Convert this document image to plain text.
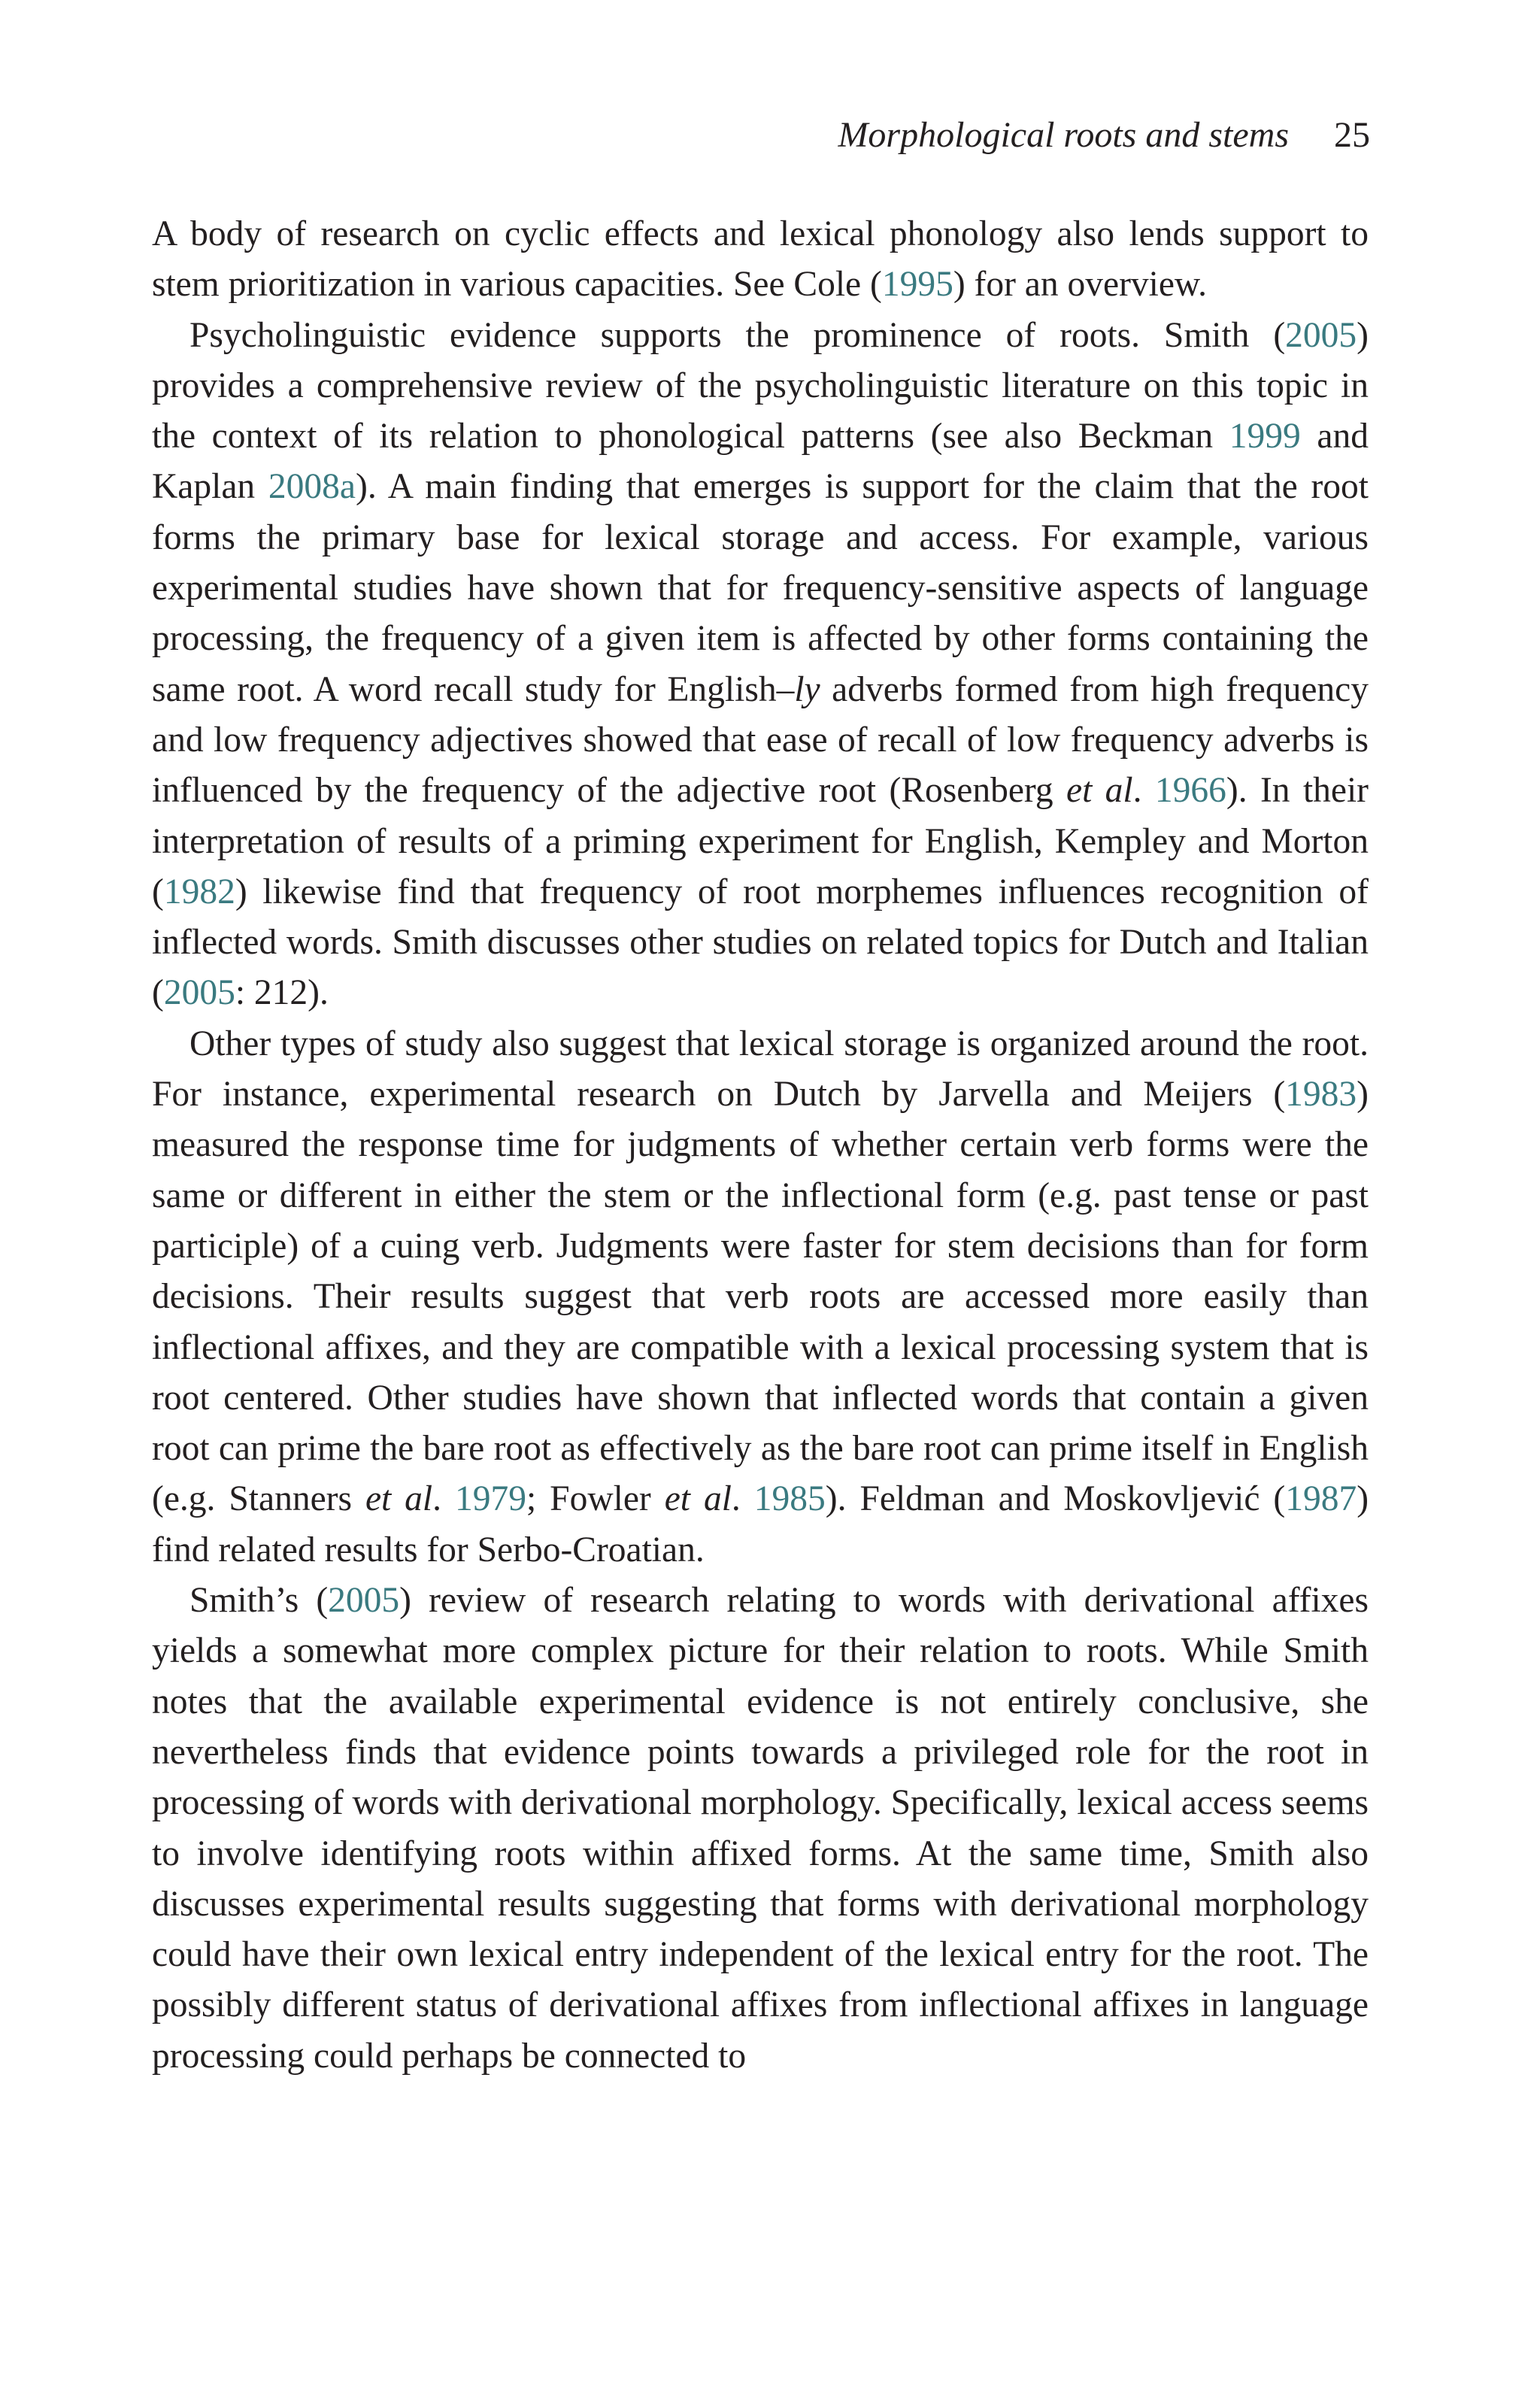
Morphological roots and stems 25

A body of research on cyclic effects and lexical phonology also lends support to stem prioritization in various capacities. See Cole (1995) for an overview.

Psycholinguistic evidence supports the prominence of roots. Smith (2005) provides a comprehensive review of the psycholinguistic literature on this topic in the context of its relation to phonological patterns (see also Beckman 1999 and Kaplan 2008a). A main finding that emerges is support for the claim that the root forms the primary base for lexical storage and access. For example, various experimental studies have shown that for frequency-sensitive aspects of language processing, the frequency of a given item is affected by other forms containing the same root. A word recall study for English–ly adverbs formed from high frequency and low frequency adjectives showed that ease of recall of low frequency adverbs is influenced by the frequency of the adjective root (Rosenberg et al. 1966). In their interpretation of results of a priming experiment for English, Kempley and Morton (1982) likewise find that frequency of root morphemes influences recognition of inflected words. Smith discusses other studies on related topics for Dutch and Italian (2005: 212).

Other types of study also suggest that lexical storage is organized around the root. For instance, experimental research on Dutch by Jarvella and Meijers (1983) measured the response time for judgments of whether certain verb forms were the same or different in either the stem or the inflectional form (e.g. past tense or past participle) of a cuing verb. Judgments were faster for stem decisions than for form decisions. Their results suggest that verb roots are accessed more easily than inflectional affixes, and they are compatible with a lexical processing system that is root centered. Other studies have shown that inflected words that contain a given root can prime the bare root as effectively as the bare root can prime itself in English (e.g. Stanners et al. 1979; Fowler et al. 1985). Feldman and Moskovljević (1987) find related results for Serbo-Croatian.

Smith’s (2005) review of research relating to words with derivational affixes yields a somewhat more complex picture for their relation to roots. While Smith notes that the available experimental evidence is not entirely conclusive, she nevertheless finds that evidence points towards a privileged role for the root in processing of words with derivational morphology. Specifically, lexical access seems to involve identifying roots within affixed forms. At the same time, Smith also discusses experimental results suggesting that forms with derivational morphology could have their own lexical entry independent of the lexical entry for the root. The possibly different status of derivational affixes from inflectional affixes in language processing could perhaps be connected to
